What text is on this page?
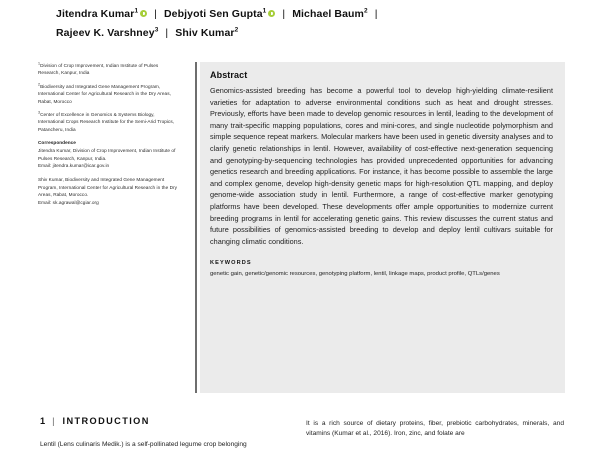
Jitendra Kumar$^1$ | Debjyoti Sen Gupta$^1$ | Michael Baum$^2$ |
Rajeev K. Varshney$^3$ | Shiv Kumar$^2$
$^1$Division of Crop Improvement, Indian Institute of Pulses Research, Kanpur, India
$^2$Biodiversity and Integrated Gene Management Program, International Center for Agricultural Research in the Dry Areas, Rabat, Morocco
$^3$Center of Excellence in Genomics & Systems Biology, International Crops Research Institute for the Semi-Arid Tropics, Patancheru, India
Correspondence
Jitendra Kumar, Division of Crop Improvement, Indian Institute of Pulses Research, Kanpur, India.
Email: jitendra.kumar@icar.gov.in
Shiv Kumar, Biodiversity and Integrated Gene Management Program, International Center for Agricultural Research in the Dry Areas, Rabat, Morocco.
Email: sk.agrawal@cgiar.org
Abstract

Genomics-assisted breeding has become a powerful tool to develop high-yielding climate-resilient varieties for adaptation to adverse environmental conditions such as heat and drought stresses. Previously, efforts have been made to develop genomic resources in lentil, leading to the development of many trait-specific mapping populations, cores and mini-cores, and single nucleotide polymorphism and simple sequence repeat markers. Molecular markers have been used in genetic diversity analyses and to clarify genetic relationships in lentil. However, availability of cost-effective next-generation sequencing and genotyping-by-sequencing technologies has provided unprecedented opportunities for advancing genetics research and breeding applications. For instance, it has become possible to assemble the large and complex genome, develop high-density genetic maps for high-resolution QTL mapping, and deploy genome-wide association study in lentil. Furthermore, a range of cost-effective marker genotyping platforms have been developed. These developments offer ample opportunities to modernize current breeding programs in lentil for accelerating genetic gains. This review discusses the current status and future possibilities of genomics-assisted breeding to develop and deploy lentil cultivars suitable for changing climatic conditions.

KEYWORDS

genetic gain, genetic/genomic resources, genotyping platform, lentil, linkage maps, product profile, QTLs/genes

1 | INTRODUCTION
Lentil (Lens culinaris Medik.) is a self-pollinated legume crop belonging
It is a rich source of dietary proteins, fiber, prebiotic carbohydrates, minerals, and vitamins (Kumar et al., 2016). Iron, zinc, and folate are
